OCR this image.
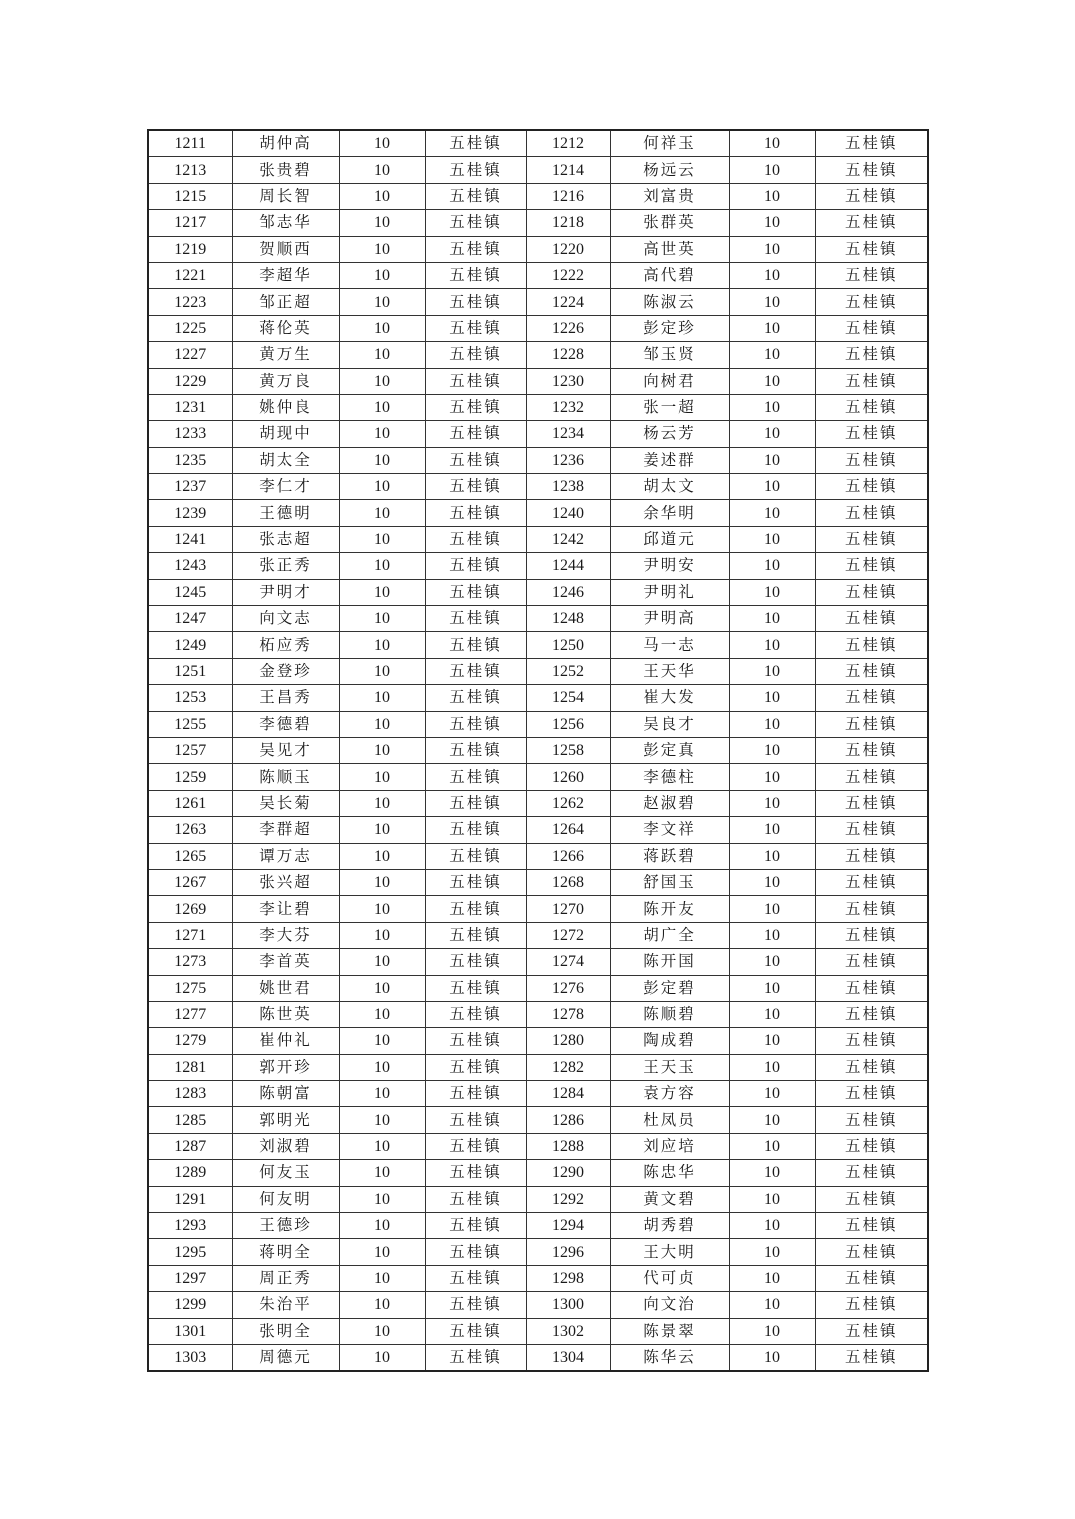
1211	胡仲高	10	五桂镇	1212	何祥玉	10	五桂镇
1213	张贵碧	10	五桂镇	1214	杨远云	10	五桂镇
1215	周长智	10	五桂镇	1216	刘富贵	10	五桂镇
1217	邹志华	10	五桂镇	1218	张群英	10	五桂镇
1219	贺顺西	10	五桂镇	1220	高世英	10	五桂镇
1221	李超华	10	五桂镇	1222	高代碧	10	五桂镇
1223	邹正超	10	五桂镇	1224	陈淑云	10	五桂镇
1225	蒋伦英	10	五桂镇	1226	彭定珍	10	五桂镇
1227	黄万生	10	五桂镇	1228	邹玉贤	10	五桂镇
1229	黄万良	10	五桂镇	1230	向树君	10	五桂镇
1231	姚仲良	10	五桂镇	1232	张一超	10	五桂镇
1233	胡现中	10	五桂镇	1234	杨云芳	10	五桂镇
1235	胡太全	10	五桂镇	1236	姜述群	10	五桂镇
1237	李仁才	10	五桂镇	1238	胡太文	10	五桂镇
1239	王德明	10	五桂镇	1240	余华明	10	五桂镇
1241	张志超	10	五桂镇	1242	邱道元	10	五桂镇
1243	张正秀	10	五桂镇	1244	尹明安	10	五桂镇
1245	尹明才	10	五桂镇	1246	尹明礼	10	五桂镇
1247	向文志	10	五桂镇	1248	尹明高	10	五桂镇
1249	柘应秀	10	五桂镇	1250	马一志	10	五桂镇
1251	金登珍	10	五桂镇	1252	王天华	10	五桂镇
1253	王昌秀	10	五桂镇	1254	崔大发	10	五桂镇
1255	李德碧	10	五桂镇	1256	吴良才	10	五桂镇
1257	吴见才	10	五桂镇	1258	彭定真	10	五桂镇
1259	陈顺玉	10	五桂镇	1260	李德柱	10	五桂镇
1261	吴长菊	10	五桂镇	1262	赵淑碧	10	五桂镇
1263	李群超	10	五桂镇	1264	李文祥	10	五桂镇
1265	谭万志	10	五桂镇	1266	蒋跃碧	10	五桂镇
1267	张兴超	10	五桂镇	1268	舒国玉	10	五桂镇
1269	李让碧	10	五桂镇	1270	陈开友	10	五桂镇
1271	李大芬	10	五桂镇	1272	胡广全	10	五桂镇
1273	李首英	10	五桂镇	1274	陈开国	10	五桂镇
1275	姚世君	10	五桂镇	1276	彭定碧	10	五桂镇
1277	陈世英	10	五桂镇	1278	陈顺碧	10	五桂镇
1279	崔仲礼	10	五桂镇	1280	陶成碧	10	五桂镇
1281	郭开珍	10	五桂镇	1282	王天玉	10	五桂镇
1283	陈朝富	10	五桂镇	1284	袁方容	10	五桂镇
1285	郭明光	10	五桂镇	1286	杜凤员	10	五桂镇
1287	刘淑碧	10	五桂镇	1288	刘应培	10	五桂镇
1289	何友玉	10	五桂镇	1290	陈忠华	10	五桂镇
1291	何友明	10	五桂镇	1292	黄文碧	10	五桂镇
1293	王德珍	10	五桂镇	1294	胡秀碧	10	五桂镇
1295	蒋明全	10	五桂镇	1296	王大明	10	五桂镇
1297	周正秀	10	五桂镇	1298	代可贞	10	五桂镇
1299	朱治平	10	五桂镇	1300	向文治	10	五桂镇
1301	张明全	10	五桂镇	1302	陈景翠	10	五桂镇
1303	周德元	10	五桂镇	1304	陈华云	10	五桂镇
